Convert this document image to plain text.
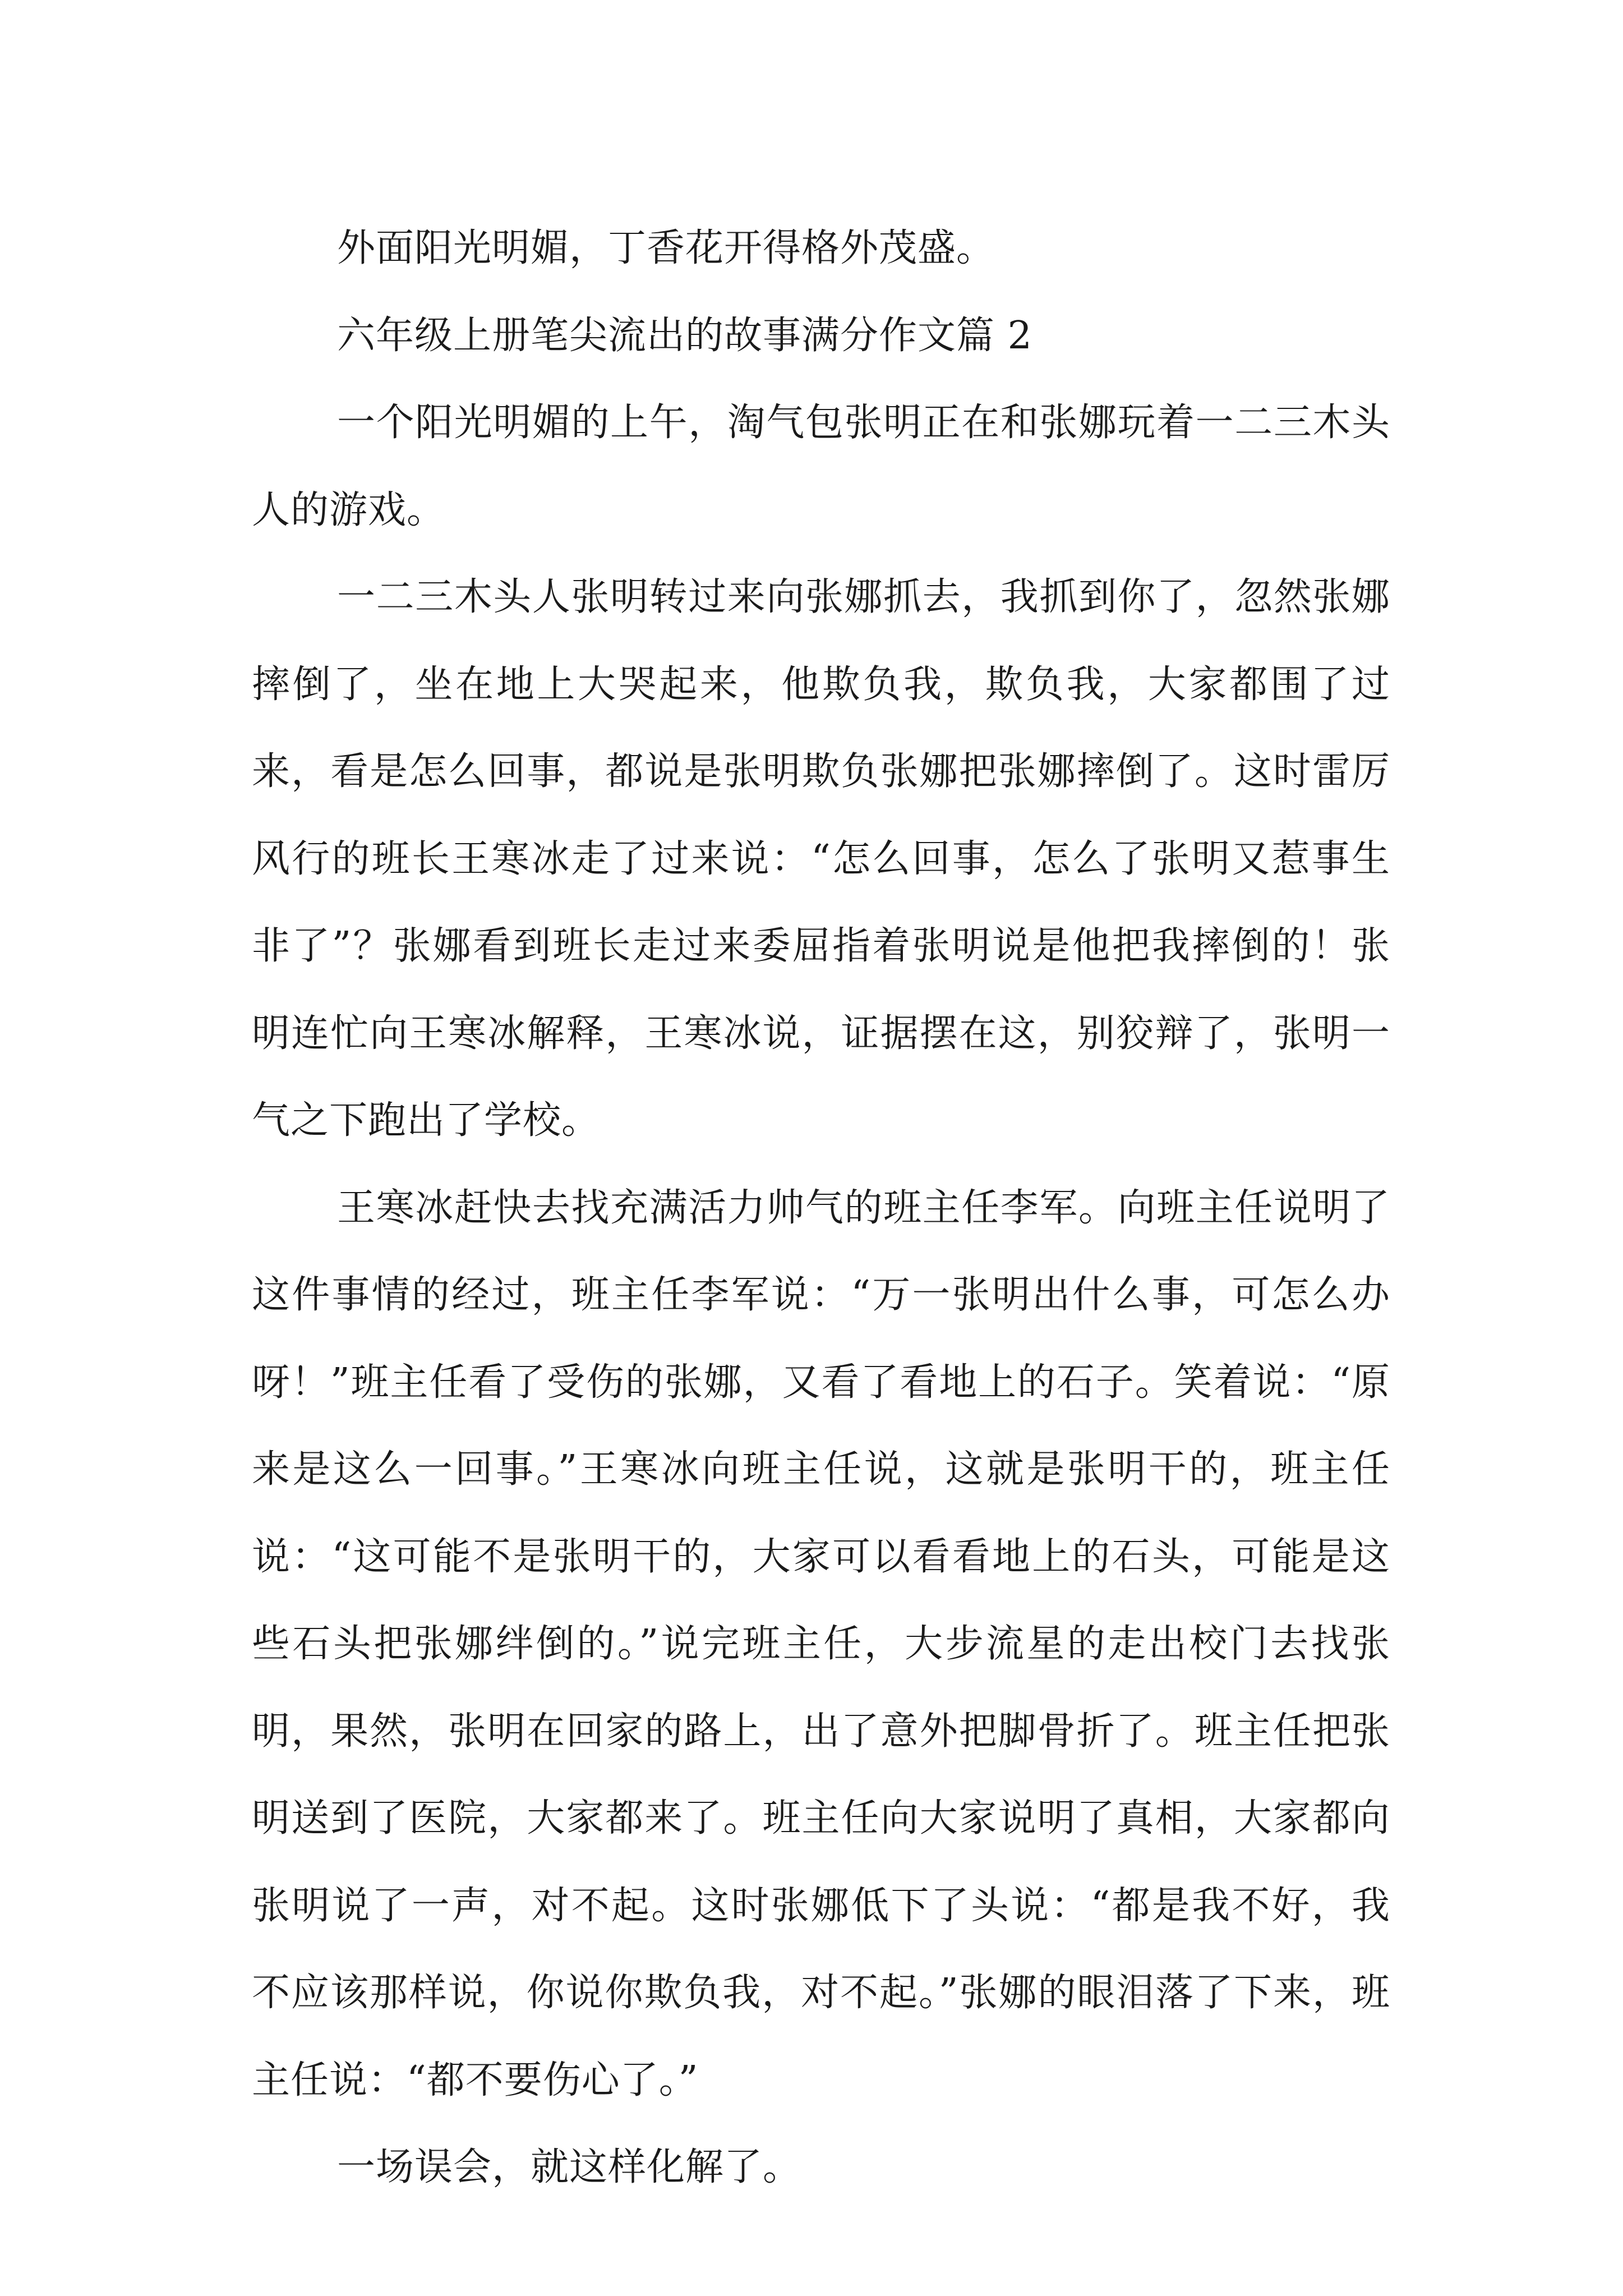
外面阳光明媚，丁香花开得格外茂盛。

六年级上册笔尖流出的故事满分作文篇 2

一个阳光明媚的上午，淘气包张明正在和张娜玩着一二三木头人的游戏。

一二三木头人张明转过来向张娜抓去，我抓到你了，忽然张娜摔倒了，坐在地上大哭起来，他欺负我，欺负我，大家都围了过来，看是怎么回事，都说是张明欺负张娜把张娜摔倒了。这时雷厉风行的班长王寒冰走了过来说：“怎么回事，怎么了张明又惹事生非了”？张娜看到班长走过来委屈指着张明说是他把我摔倒的！张明连忙向王寒冰解释，王寒冰说，证据摆在这，别狡辩了，张明一气之下跑出了学校。

王寒冰赶快去找充满活力帅气的班主任李军。向班主任说明了这件事情的经过，班主任李军说：“万一张明出什么事，可怎么办呀！”班主任看了受伤的张娜，又看了看地上的石子。笑着说：“原来是这么一回事。”王寒冰向班主任说，这就是张明干的，班主任说：“这可能不是张明干的，大家可以看看地上的石头，可能是这些石头把张娜绊倒的。”说完班主任，大步流星的走出校门去找张明，果然，张明在回家的路上，出了意外把脚骨折了。班主任把张明送到了医院，大家都来了。班主任向大家说明了真相，大家都向张明说了一声，对不起。这时张娜低下了头说：“都是我不好，我不应该那样说，你说你欺负我，对不起。”张娜的眼泪落了下来，班主任说：“都不要伤心了。”

一场误会，就这样化解了。
